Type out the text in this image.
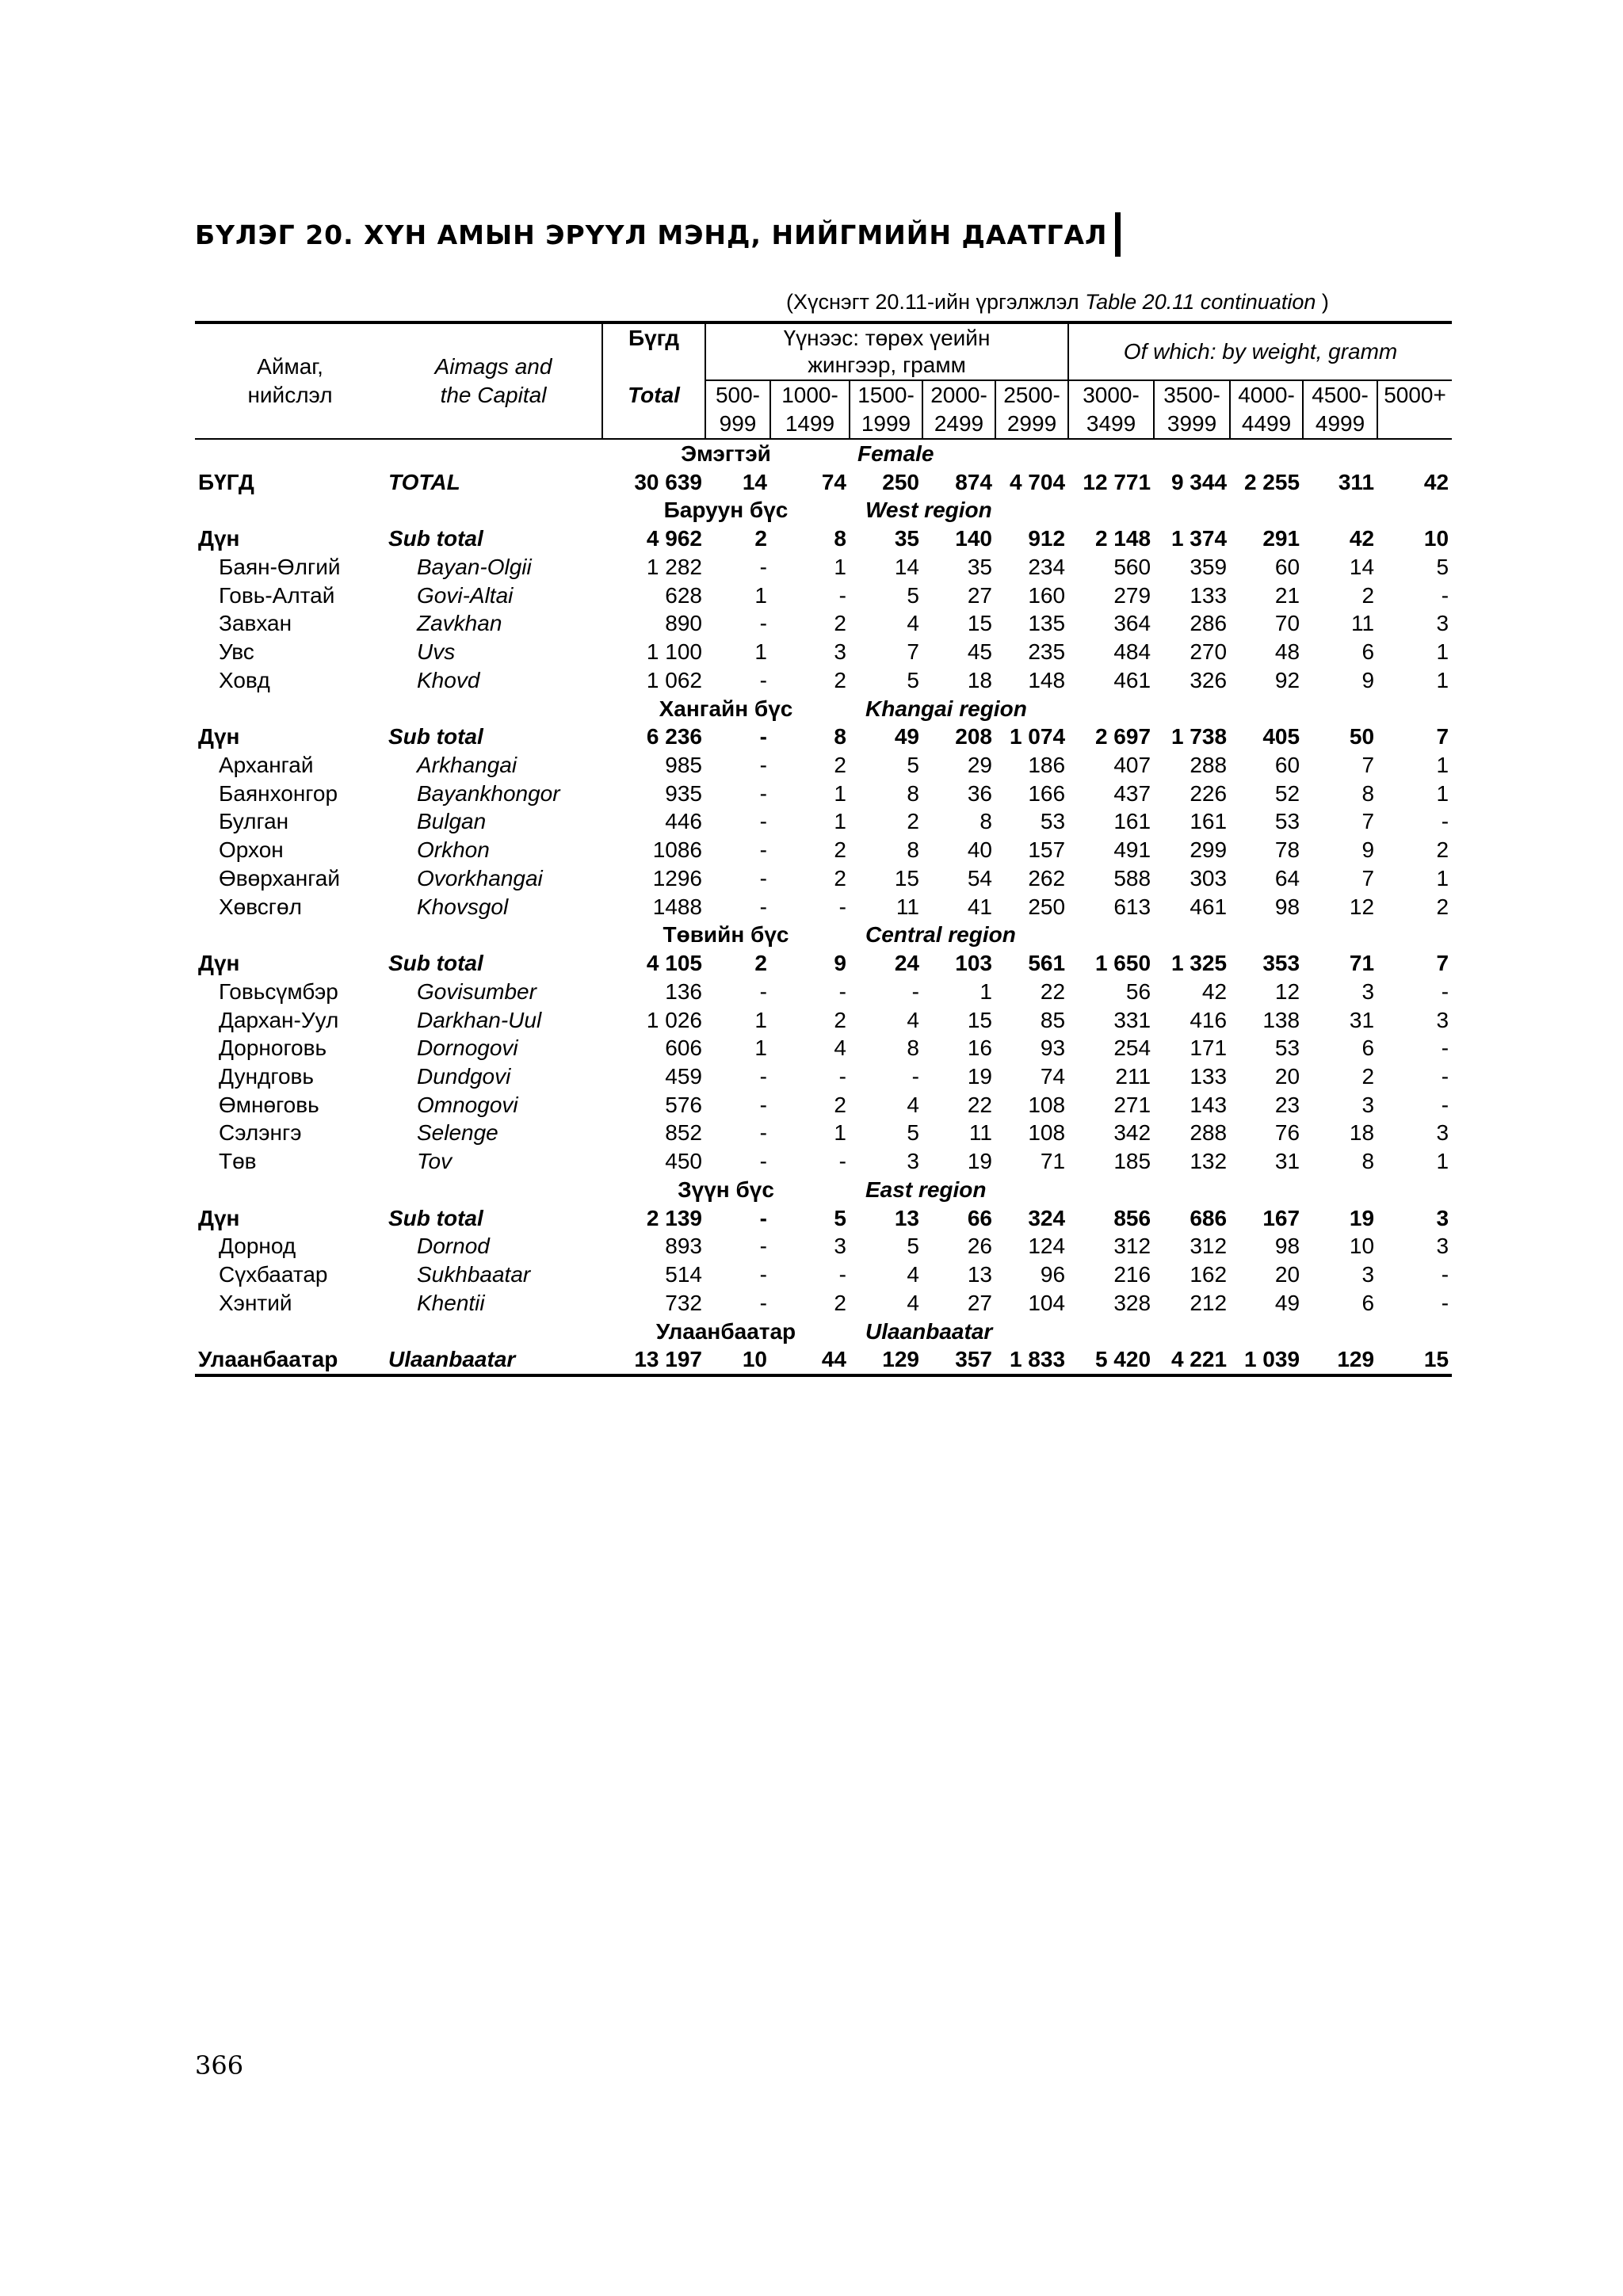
БҮЛЭГ 20. ХҮН АМЫН ЭРҮҮЛ МЭНД, НИЙГМИЙН ДААТГАЛ
(Хүснэгт 20.11-ийн үргэлжлэл Table 20.11 continuation )
Аймаг,	Aimags and	Бүгд	Үүнээс: төрөх үеийн
жингээр, грамм					Of which: by weight, gramm				

нийслэл	the Capital	Total	500-	1000-	1500-	2000-	2500-	3000-	3500-	4000-	4500-	5000+
			999	1499	1999	2499	2999	3499	3999	4499	4999	
		Эмэгтэй			Female							
БҮГД	TOTAL	30 639	14	74	250	874	4 704	12 771	9 344	2 255	311	42
		Баруун бүс			West region							
Дүн	Sub total	4 962	2	8	35	140	912	2 148	1 374	291	42	10
Баян-Өлгий	Bayan-Olgii	1 282	-	1	14	35	234	560	359	60	14	5
Говь-Алтай	Govi-Altai	628	1	-	5	27	160	279	133	21	2	-
Завхан	Zavkhan	890	-	2	4	15	135	364	286	70	11	3
Увс	Uvs	1 100	1	3	7	45	235	484	270	48	6	1
Ховд	Khovd	1 062	-	2	5	18	148	461	326	92	9	1
		Хангайн бүс			Khangai region							
Дүн	Sub total	6 236	-	8	49	208	1 074	2 697	1 738	405	50	7
Архангай	Arkhangai	985	-	2	5	29	186	407	288	60	7	1
Баянхонгор	Bayankhongor	935	-	1	8	36	166	437	226	52	8	1
Булган	Bulgan	446	-	1	2	8	53	161	161	53	7	-
Орхон	Orkhon	1086	-	2	8	40	157	491	299	78	9	2
Өвөрхангай	Ovorkhangai	1296	-	2	15	54	262	588	303	64	7	1
Хөвсгөл	Khovsgol	1488	-	-	11	41	250	613	461	98	12	2
		Төвийн бүс			Central region							
Дүн	Sub total	4 105	2	9	24	103	561	1 650	1 325	353	71	7
Говьсүмбэр	Govisumber	136	-	-	-	1	22	56	42	12	3	-
Дархан-Уул	Darkhan-Uul	1 026	1	2	4	15	85	331	416	138	31	3
Дорноговь	Dornogovi	606	1	4	8	16	93	254	171	53	6	-
Дундговь	Dundgovi	459	-	-	-	19	74	211	133	20	2	-
Өмнөговь	Omnogovi	576	-	2	4	22	108	271	143	23	3	-
Сэлэнгэ	Selenge	852	-	1	5	11	108	342	288	76	18	3
Төв	Tov	450	-	-	3	19	71	185	132	31	8	1
		Зүүн бүс			East region							
Дүн	Sub total	2 139	-	5	13	66	324	856	686	167	19	3
Дорнод	Dornod	893	-	3	5	26	124	312	312	98	10	3
Сүхбаатар	Sukhbaatar	514	-	-	4	13	96	216	162	20	3	-
Хэнтий	Khentii	732	-	2	4	27	104	328	212	49	6	-
		Улаанбаатар			Ulaanbaatar							
Улаанбаатар	Ulaanbaatar	13 197	10	44	129	357	1 833	5 420	4 221	1 039	129	15
366
